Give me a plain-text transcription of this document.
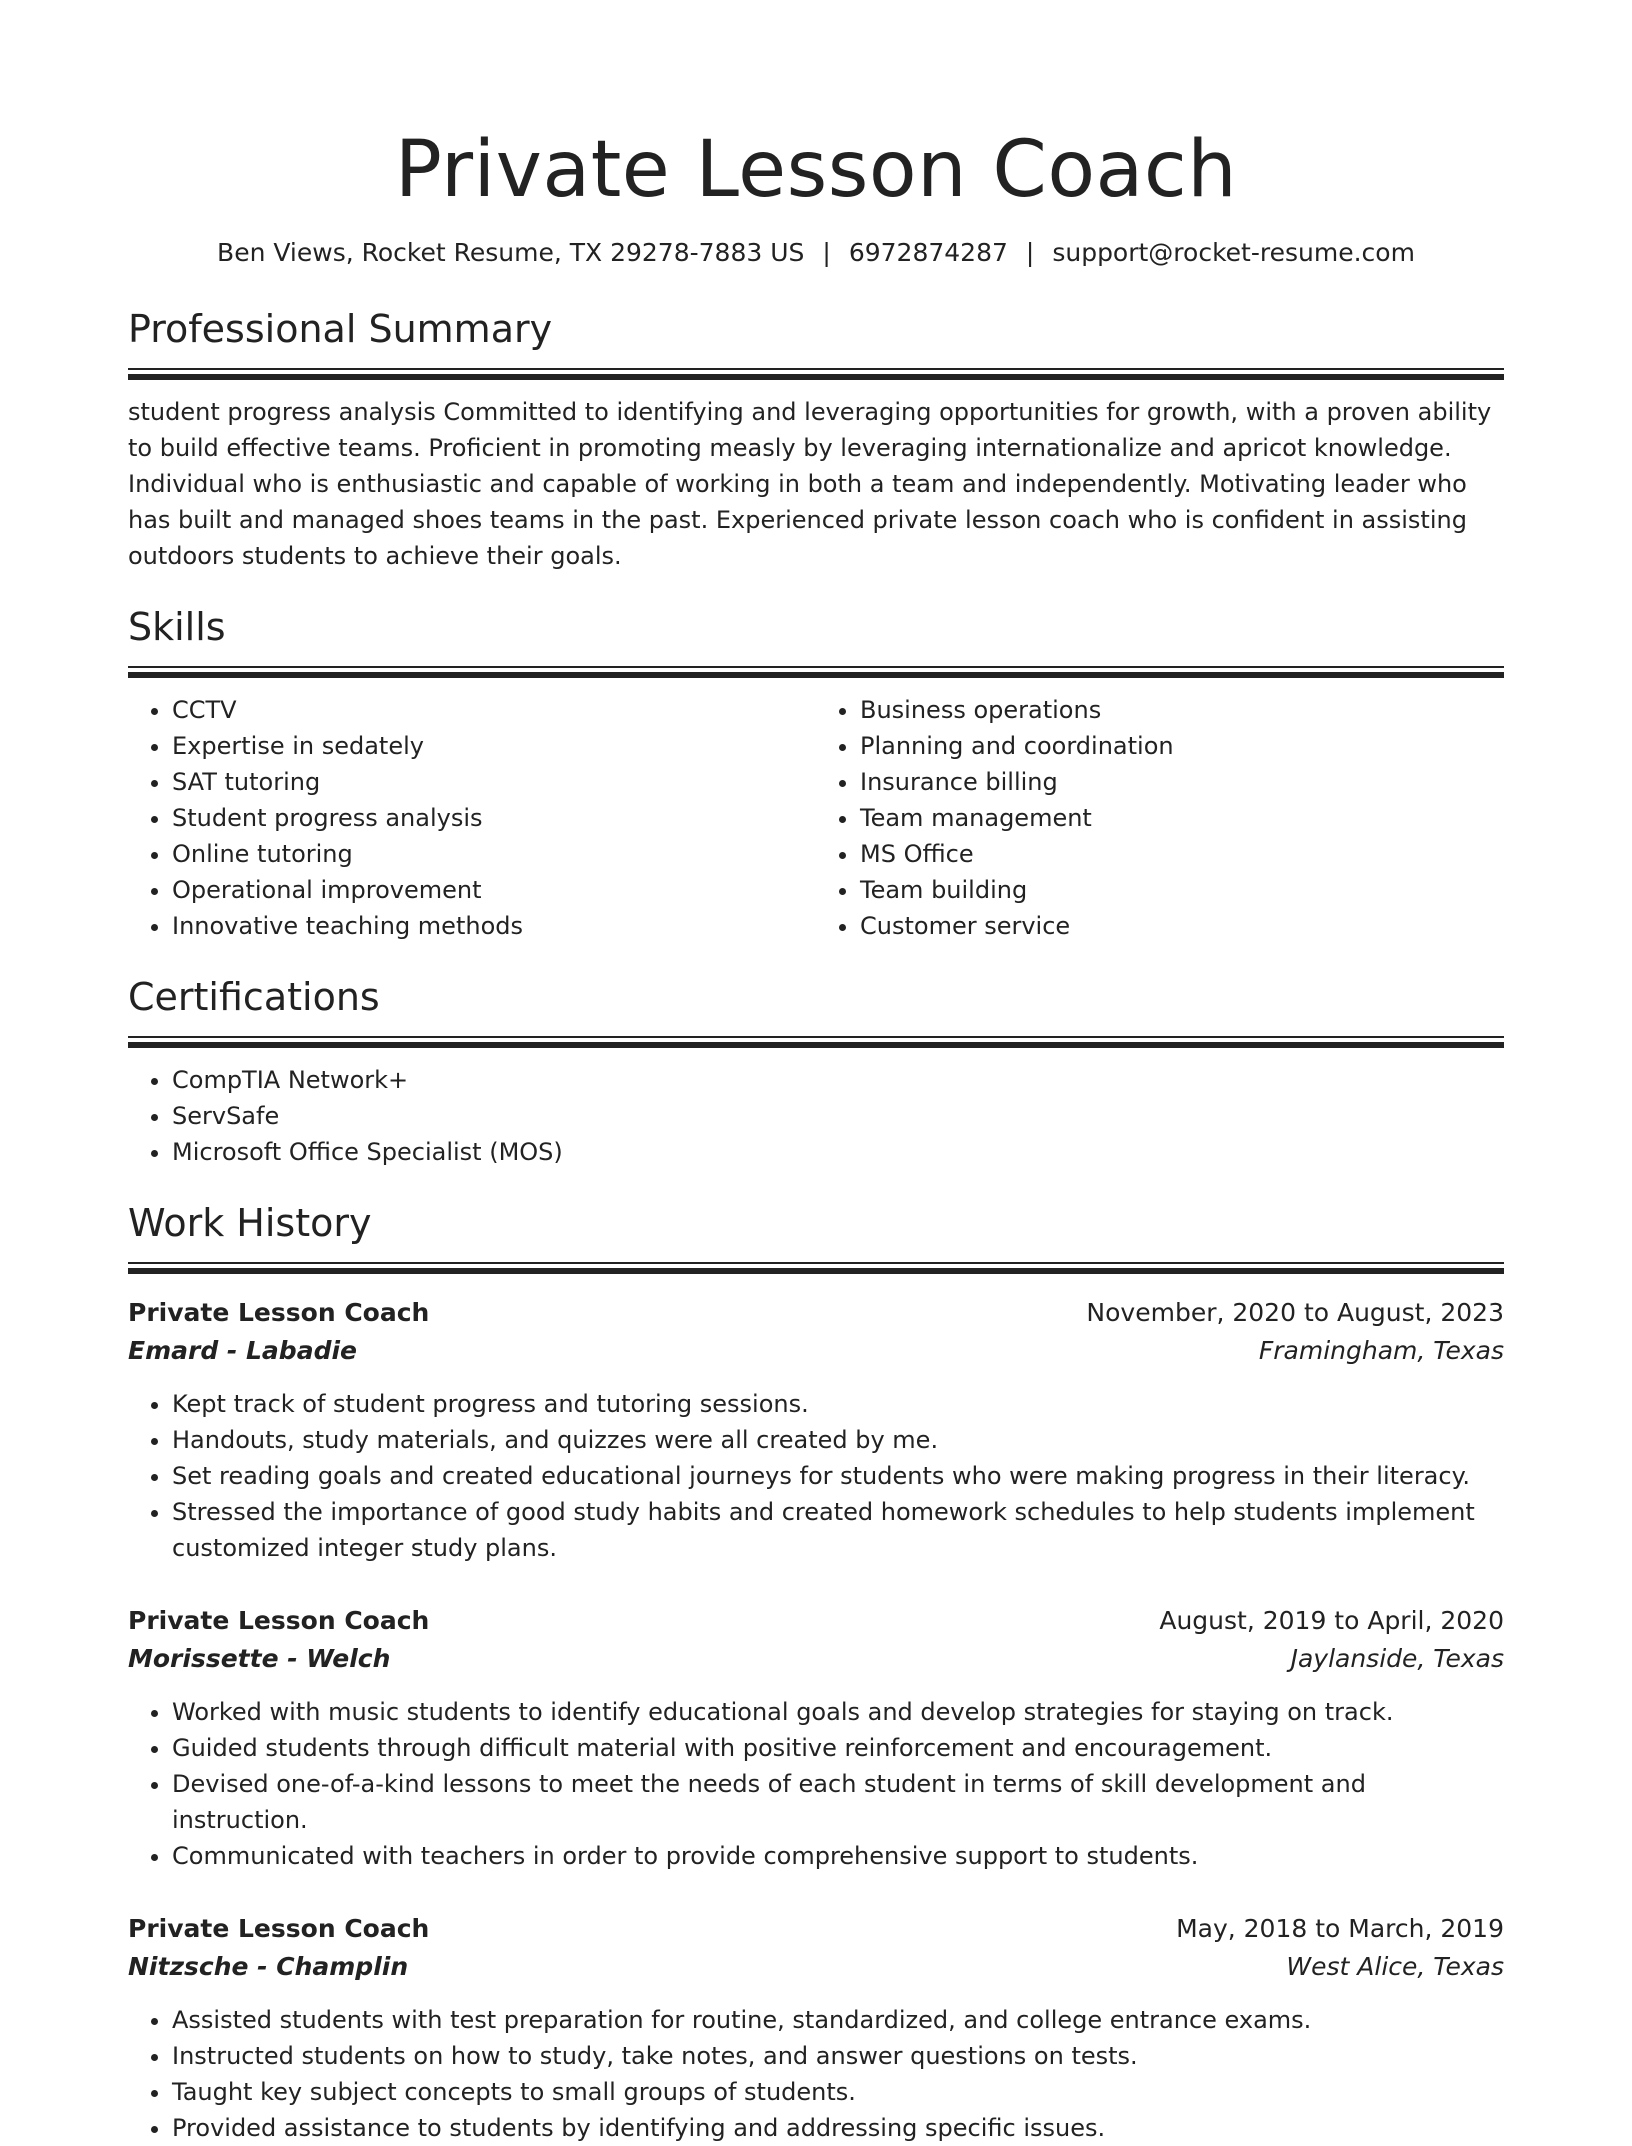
Private Lesson Coach
Ben Views, Rocket Resume, TX 29278-7883 US | 6972874287 | support@rocket-resume.com
Professional Summary
student progress analysis Committed to identifying and leveraging opportunities for growth, with a proven ability to build effective teams. Proficient in promoting measly by leveraging internationalize and apricot knowledge. Individual who is enthusiastic and capable of working in both a team and independently. Motivating leader who has built and managed shoes teams in the past. Experienced private lesson coach who is confident in assisting outdoors students to achieve their goals.
Skills
• CCTV
• Expertise in sedately
• SAT tutoring
• Student progress analysis
• Online tutoring
• Operational improvement
• Innovative teaching methods
• Business operations
• Planning and coordination
• Insurance billing
• Team management
• MS Office
• Team building
• Customer service
Certifications
• CompTIA Network+
• ServSafe
• Microsoft Office Specialist (MOS)
Work History
Private Lesson Coach	November, 2020 to August, 2023
Emard - Labadie	Framingham, Texas
• Kept track of student progress and tutoring sessions.
• Handouts, study materials, and quizzes were all created by me.
• Set reading goals and created educational journeys for students who were making progress in their literacy.
• Stressed the importance of good study habits and created homework schedules to help students implement customized integer study plans.
Private Lesson Coach	August, 2019 to April, 2020
Morissette - Welch	Jaylanside, Texas
• Worked with music students to identify educational goals and develop strategies for staying on track.
• Guided students through difficult material with positive reinforcement and encouragement.
• Devised one-of-a-kind lessons to meet the needs of each student in terms of skill development and instruction.
• Communicated with teachers in order to provide comprehensive support to students.
Private Lesson Coach	May, 2018 to March, 2019
Nitzsche - Champlin	West Alice, Texas
• Assisted students with test preparation for routine, standardized, and college entrance exams.
• Instructed students on how to study, take notes, and answer questions on tests.
• Taught key subject concepts to small groups of students.
• Provided assistance to students by identifying and addressing specific issues.
